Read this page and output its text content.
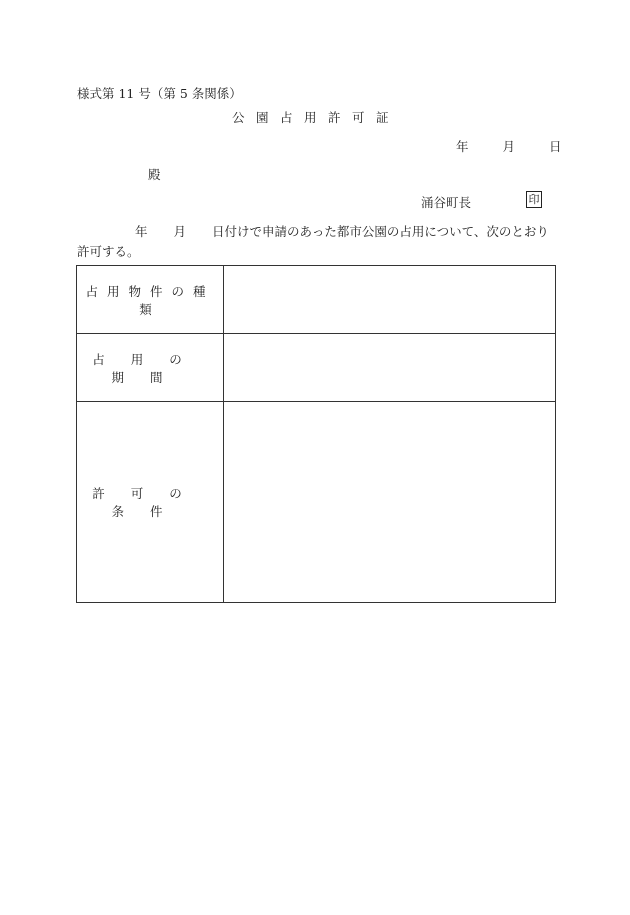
様式第 11 号（第 5 条関係）
公園占用許可証
年	月	日
殿
涌谷町長	印
年 月 日付けで申請のあった都市公園の占用について、次のとおり許可する。
占用物件の種類	
占用の期間	
許可の条件	
